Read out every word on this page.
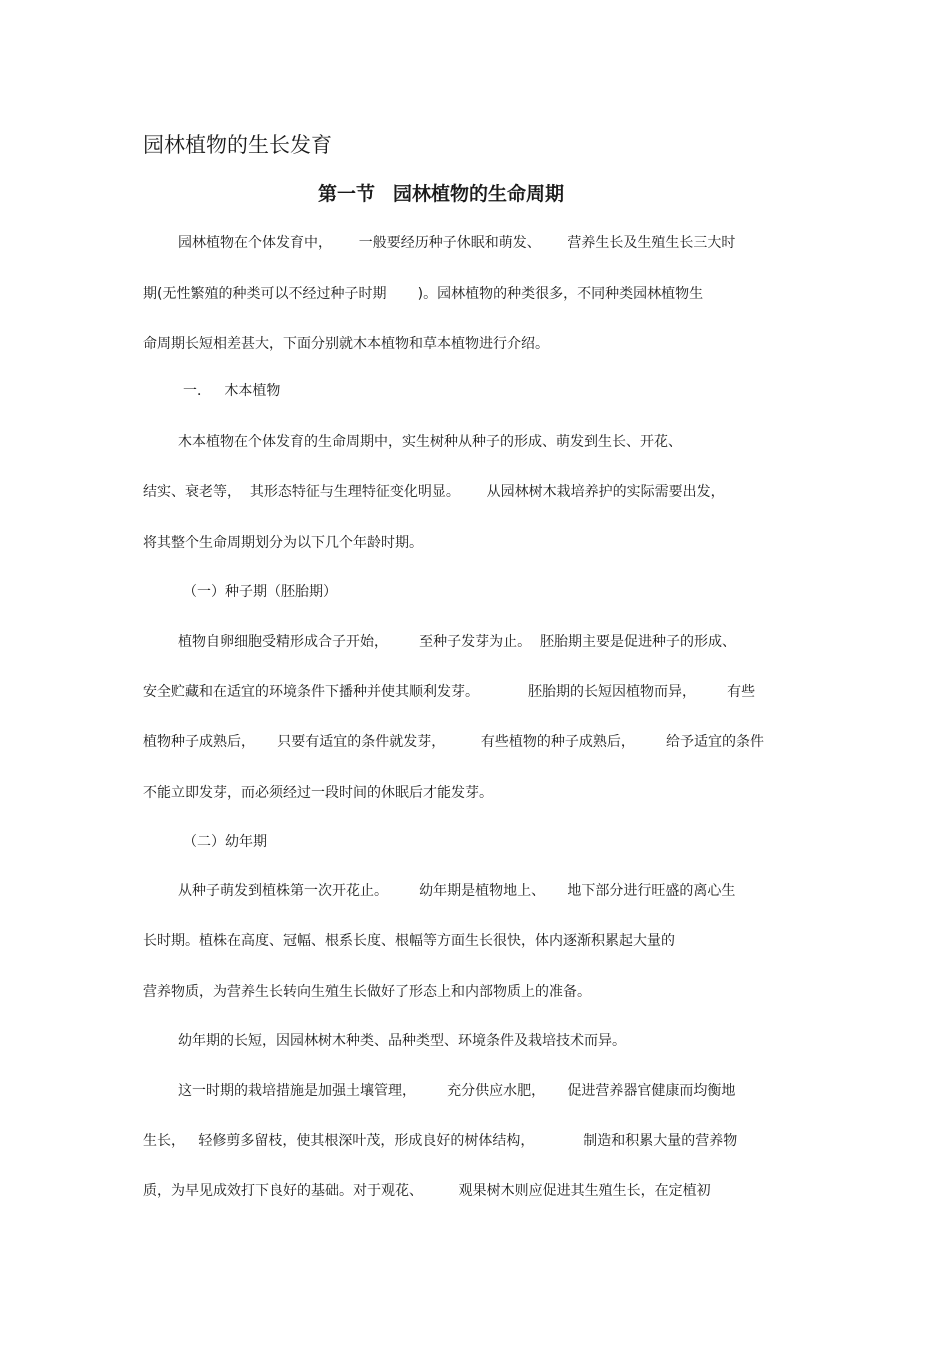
园林植物的生长发育
第一节 园林植物的生命周期

园林植物在个体发育中，      一般要经历种子休眠和萌发、      营养生长及生殖生长三大时

期(无性繁殖的种类可以不经过种子时期       )。园林植物的种类很多，不同种类园林植物生

命周期长短相差甚大，下面分别就木本植物和草本植物进行介绍。

一．   木本植物

木本植物在个体发育的生命周期中，实生树种从种子的形成、萌发到生长、开花、

结实、衰老等，  其形态特征与生理特征变化明显。      从园林树木栽培养护的实际需要出发，

将其整个生命周期划分为以下几个年龄时期。

（一）种子期（胚胎期）

植物自卵细胞受精形成合子开始，       至种子发芽为止。  胚胎期主要是促进种子的形成、

安全贮藏和在适宜的环境条件下播种并使其顺利发芽。           胚胎期的长短因植物而异，       有些

植物种子成熟后，     只要有适宜的条件就发芽，        有些植物的种子成熟后，       给予适宜的条件

不能立即发芽，而必须经过一段时间的休眠后才能发芽。

（二）幼年期

从种子萌发到植株第一次开花止。       幼年期是植物地上、     地下部分进行旺盛的离心生

长时期。植株在高度、冠幅、根系长度、根幅等方面生长很快，体内逐渐积累起大量的

营养物质，为营养生长转向生殖生长做好了形态上和内部物质上的准备。

幼年期的长短，因园林树木种类、品种类型、环境条件及栽培技术而异。

这一时期的栽培措施是加强土壤管理，       充分供应水肥，     促进营养器官健康而均衡地

生长，   轻修剪多留枝，使其根深叶茂，形成良好的树体结构，           制造和积累大量的营养物

质，为早见成效打下良好的基础。对于观花、        观果树木则应促进其生殖生长，在定植初
